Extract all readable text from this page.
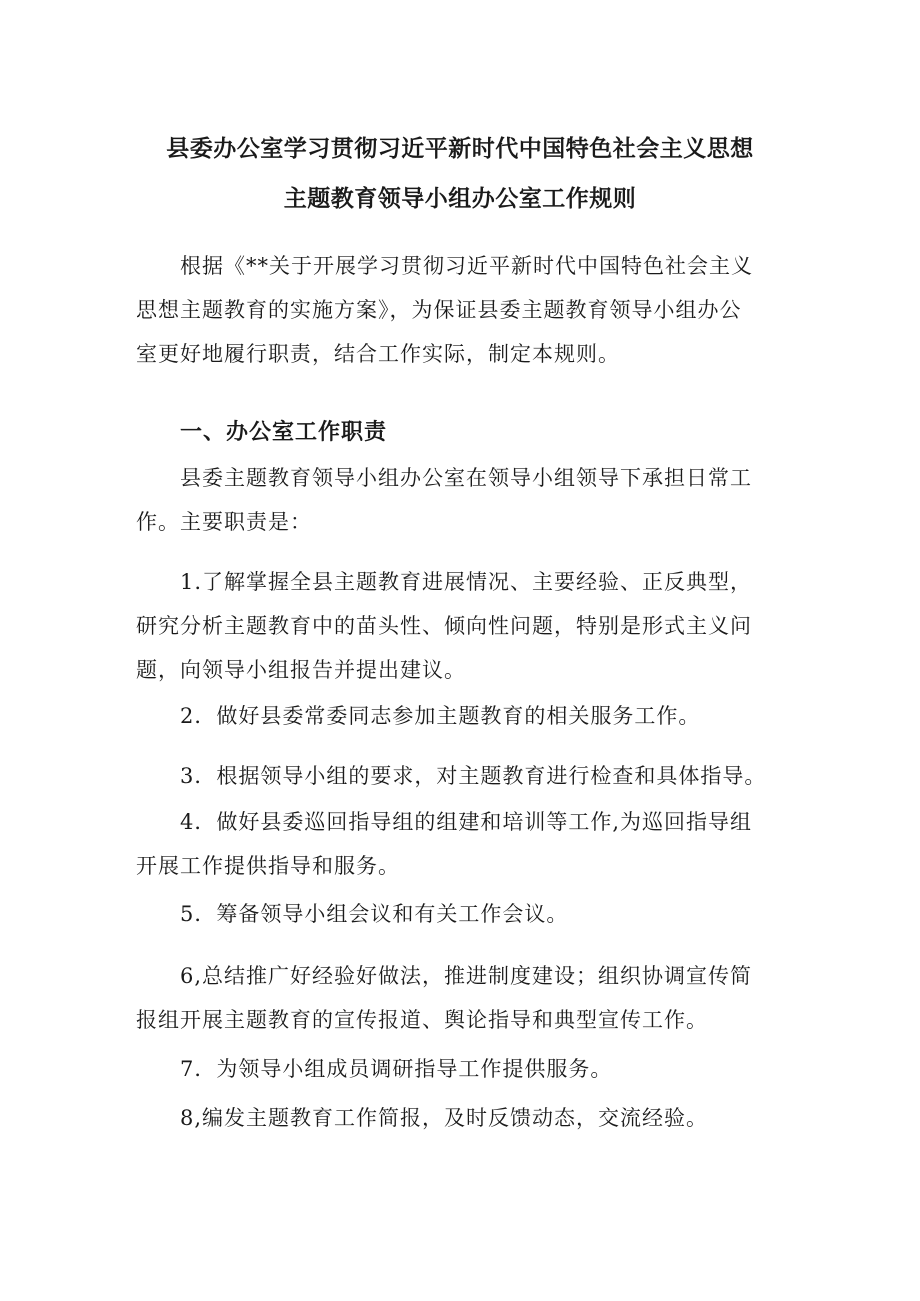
县委办公室学习贯彻习近平新时代中国特色社会主义思想
主题教育领导小组办公室工作规则
根据《**关于开展学习贯彻习近平新时代中国特色社会主义
思想主题教育的实施方案》，为保证县委主题教育领导小组办公
室更好地履行职责，结合工作实际，制定本规则。
一、办公室工作职责
县委主题教育领导小组办公室在领导小组领导下承担日常工
作。主要职责是：
1.了解掌握全县主题教育进展情况、主要经验、正反典型，
研究分析主题教育中的苗头性、倾向性问题，特别是形式主义问
题，向领导小组报告并提出建议。
2．做好县委常委同志参加主题教育的相关服务工作。
3．根据领导小组的要求，对主题教育进行检查和具体指导。
4．做好县委巡回指导组的组建和培训等工作,为巡回指导组
开展工作提供指导和服务。
5．筹备领导小组会议和有关工作会议。
6,总结推广好经验好做法，推进制度建设；组织协调宣传简
报组开展主题教育的宣传报道、舆论指导和典型宣传工作。
7．为领导小组成员调研指导工作提供服务。
8,编发主题教育工作简报，及时反馈动态，交流经验。
